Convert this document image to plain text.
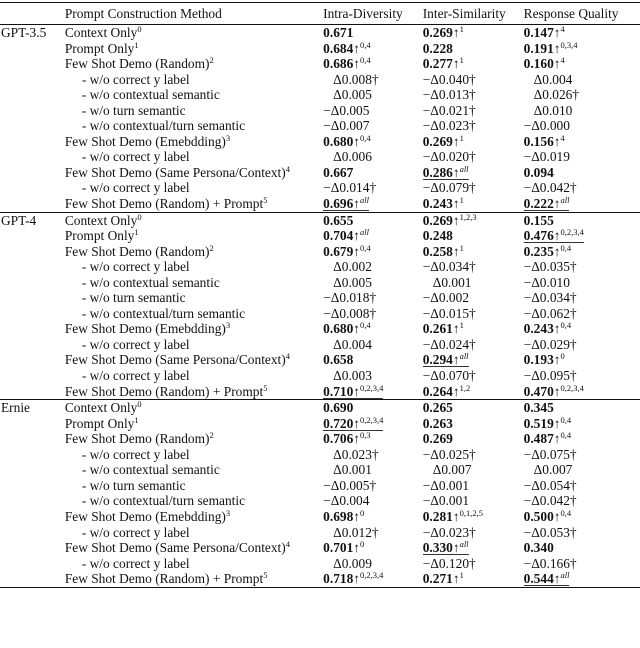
	Prompt Construction Method	Intra-Diversity	Inter-Similarity	Response Quality
GPT-3.5	Context Only$^0$	0.671	0.269↑$^1$	0.147↑$^4$
	Prompt Only$^1$	0.684↑$^{0,4}$	0.228	0.191↑$^{0,3,4}$
	Few Shot Demo (Random)$^2$	0.686↑$^{0,4}$	0.277↑$^1$	0.160↑$^4$
	- w/o correct y label	Δ0.008†	−Δ0.040†	Δ0.004
	- w/o contextual semantic	Δ0.005	−Δ0.013†	Δ0.026†
	- w/o turn semantic	−Δ0.005	−Δ0.021†	Δ0.010
	- w/o contextual/turn semantic	−Δ0.007	−Δ0.023†	−Δ0.000
	Few Shot Demo (Emebdding)$^3$	0.680↑$^{0,4}$	0.269↑$^1$	0.156↑$^4$
	- w/o correct y label	Δ0.006	−Δ0.020†	−Δ0.019
	Few Shot Demo (Same Persona/Context)$^4$	0.667	0.286↑$^{all}$	0.094
	- w/o correct y label	−Δ0.014†	−Δ0.079†	−Δ0.042†
	Few Shot Demo (Random) + Prompt$^5$	0.696↑$^{all}$	0.243↑$^1$	0.222↑$^{all}$
GPT-4	Context Only$^0$	0.655	0.269↑$^{1,2,3}$	0.155
	Prompt Only$^1$	0.704↑$^{all}$	0.248	0.476↑$^{0,2,3,4}$
	Few Shot Demo (Random)$^2$	0.679↑$^{0,4}$	0.258↑$^1$	0.235↑$^{0,4}$
	- w/o correct y label	Δ0.002	−Δ0.034†	−Δ0.035†
	- w/o contextual semantic	Δ0.005	Δ0.001	−Δ0.010
	- w/o turn semantic	−Δ0.018†	−Δ0.002	−Δ0.034†
	- w/o contextual/turn semantic	−Δ0.008†	−Δ0.015†	−Δ0.062†
	Few Shot Demo (Emebdding)$^3$	0.680↑$^{0,4}$	0.261↑$^1$	0.243↑$^{0,4}$
	- w/o correct y label	Δ0.004	−Δ0.024†	−Δ0.029†
	Few Shot Demo (Same Persona/Context)$^4$	0.658	0.294↑$^{all}$	0.193↑$^0$
	- w/o correct y label	Δ0.003	−Δ0.070†	−Δ0.095†
	Few Shot Demo (Random) + Prompt$^5$	0.710↑$^{0,2,3,4}$	0.264↑$^{1,2}$	0.470↑$^{0,2,3,4}$
Ernie	Context Only$^0$	0.690	0.265	0.345
	Prompt Only$^1$	0.720↑$^{0,2,3,4}$	0.263	0.519↑$^{0,4}$
	Few Shot Demo (Random)$^2$	0.706↑$^{0,3}$	0.269	0.487↑$^{0,4}$
	- w/o correct y label	Δ0.023†	−Δ0.025†	−Δ0.075†
	- w/o contextual semantic	Δ0.001	Δ0.007	Δ0.007
	- w/o turn semantic	−Δ0.005†	−Δ0.001	−Δ0.054†
	- w/o contextual/turn semantic	−Δ0.004	−Δ0.001	−Δ0.042†
	Few Shot Demo (Emebdding)$^3$	0.698↑$^0$	0.281↑$^{0,1,2,5}$	0.500↑$^{0,4}$
	- w/o correct y label	Δ0.012†	−Δ0.023†	−Δ0.053†
	Few Shot Demo (Same Persona/Context)$^4$	0.701↑$^0$	0.330↑$^{all}$	0.340
	- w/o correct y label	Δ0.009	−Δ0.120†	−Δ0.166†
	Few Shot Demo (Random) + Prompt$^5$	0.718↑$^{0,2,3,4}$	0.271↑$^1$	0.544↑$^{all}$
